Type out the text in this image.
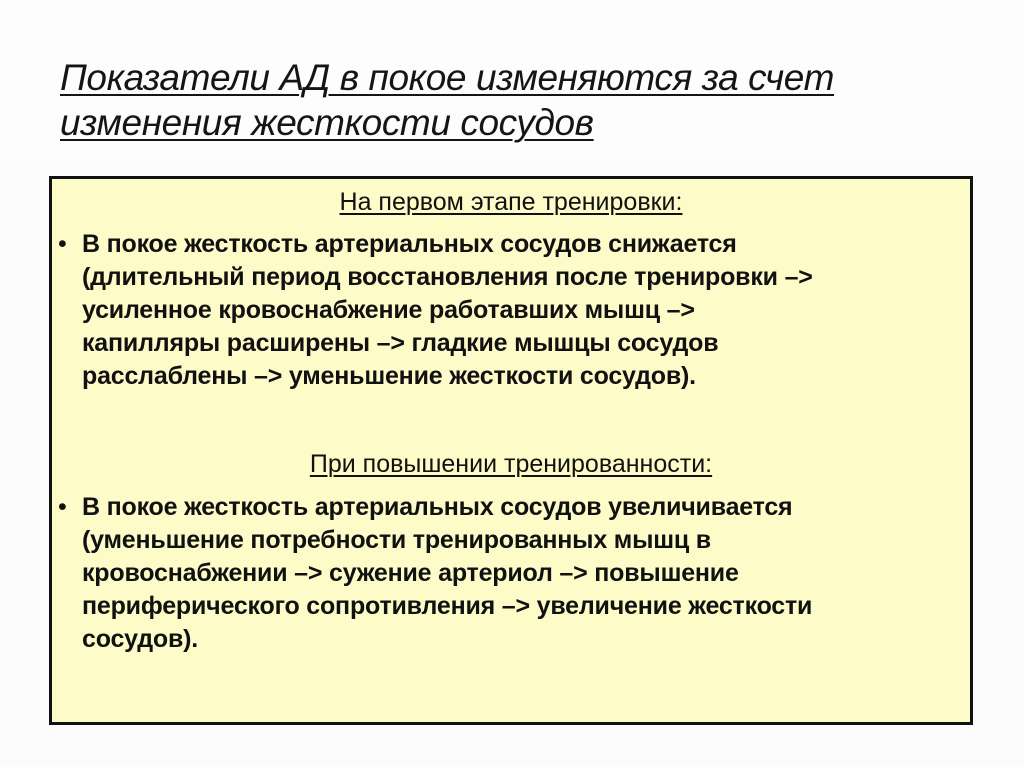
Показатели АД в покое изменяются за счет
изменения жесткости сосудов
На первом этапе тренировки:
• В покое жесткость артериальных сосудов снижается
(длительный период восстановления после тренировки –>
усиленное кровоснабжение работавших мышц –>
капилляры расширены –> гладкие мышцы сосудов
расслаблены –> уменьшение жесткости сосудов).
При повышении тренированности:
• В покое жесткость артериальных сосудов увеличивается
(уменьшение потребности тренированных мышц в
кровоснабжении –> сужение артериол –> повышение
периферического сопротивления –> увеличение жесткости
сосудов).
